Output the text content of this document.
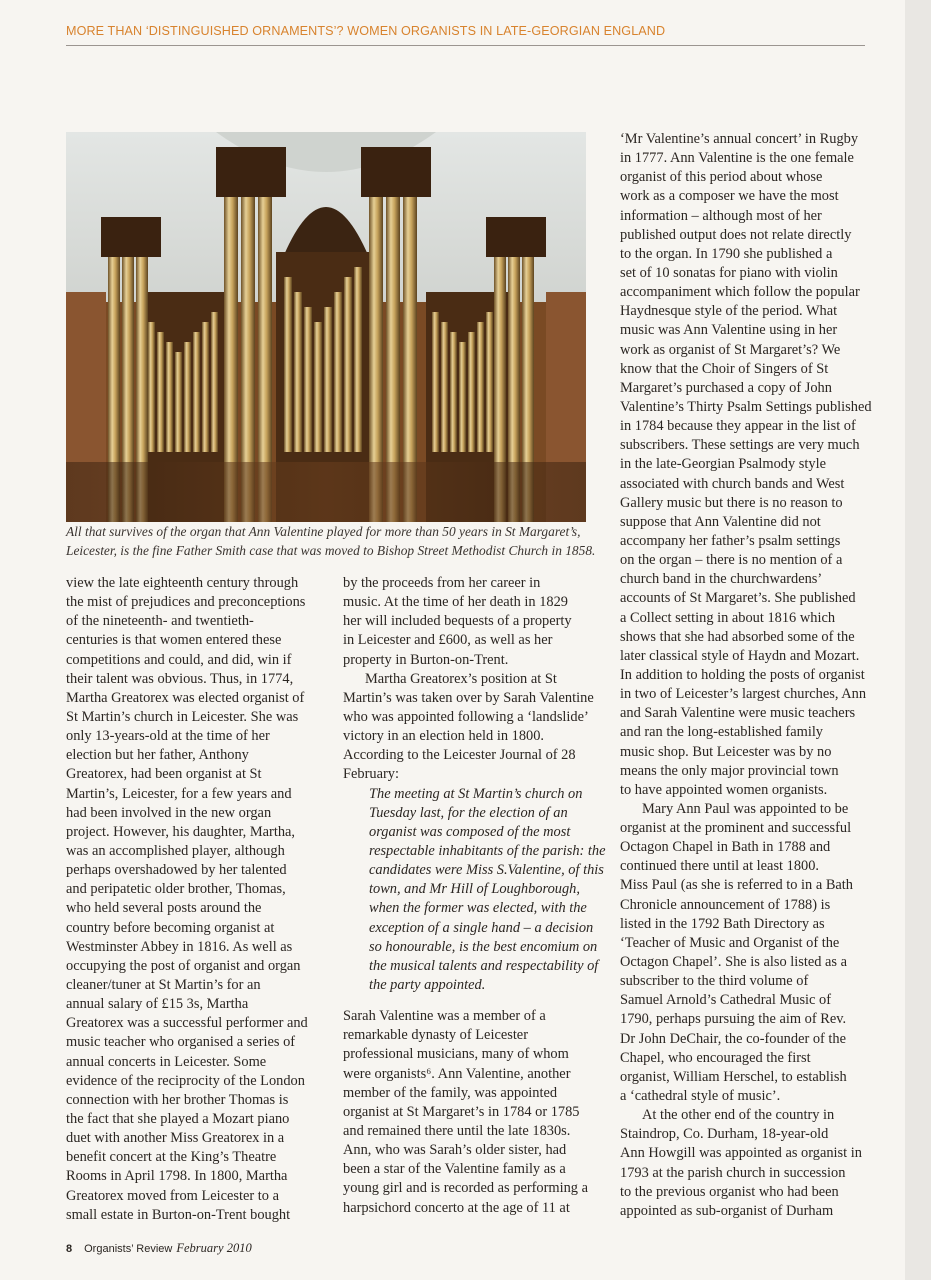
MORE THAN ‘DISTINGUISHED ORNAMENTS’? WOMEN ORGANISTS IN LATE-GEORGIAN ENGLAND
All that survives of the organ that Ann Valentine played for more than 50 years in St Margaret’s,
Leicester, is the fine Father Smith case that was moved to Bishop Street Methodist Church in 1858.
view the late eighteenth century through
the mist of prejudices and preconceptions
of the nineteenth- and twentieth-
centuries is that women entered these
competitions and could, and did, win if
their talent was obvious. Thus, in 1774,
Martha Greatorex was elected organist of
St Martin’s church in Leicester. She was
only 13-years-old at the time of her
election but her father, Anthony
Greatorex, had been organist at St
Martin’s, Leicester, for a few years and
had been involved in the new organ
project. However, his daughter, Martha,
was an accomplished player, although
perhaps overshadowed by her talented
and peripatetic older brother, Thomas,
who held several posts around the
country before becoming organist at
Westminster Abbey in 1816. As well as
occupying the post of organist and organ
cleaner/tuner at St Martin’s for an
annual salary of £15 3s, Martha
Greatorex was a successful performer and
music teacher who organised a series of
annual concerts in Leicester. Some
evidence of the reciprocity of the London
connection with her brother Thomas is
the fact that she played a Mozart piano
duet with another Miss Greatorex in a
benefit concert at the King’s Theatre
Rooms in April 1798. In 1800, Martha
Greatorex moved from Leicester to a
small estate in Burton-on-Trent bought
by the proceeds from her career in
music. At the time of her death in 1829
her will included bequests of a property
in Leicester and £600, as well as her
property in Burton-on-Trent.
Martha Greatorex’s position at St
Martin’s was taken over by Sarah Valentine
who was appointed following a ‘landslide’
victory in an election held in 1800.
According to the Leicester Journal of 28
February:
The meeting at St Martin’s church on
Tuesday last, for the election of an
organist was composed of the most
respectable inhabitants of the parish: the
candidates were Miss S.Valentine, of this
town, and Mr Hill of Loughborough,
when the former was elected, with the
exception of a single hand – a decision
so honourable, is the best encomium on
the musical talents and respectability of
the party appointed.
Sarah Valentine was a member of a
remarkable dynasty of Leicester
professional musicians, many of whom
were organists⁶. Ann Valentine, another
member of the family, was appointed
organist at St Margaret’s in 1784 or 1785
and remained there until the late 1830s.
Ann, who was Sarah’s older sister, had
been a star of the Valentine family as a
young girl and is recorded as performing a
harpsichord concerto at the age of 11 at
‘Mr Valentine’s annual concert’ in Rugby
in 1777. Ann Valentine is the one female
organist of this period about whose
work as a composer we have the most
information – although most of her
published output does not relate directly
to the organ. In 1790 she published a
set of 10 sonatas for piano with violin
accompaniment which follow the popular
Haydnesque style of the period. What
music was Ann Valentine using in her
work as organist of St Margaret’s? We
know that the Choir of Singers of St
Margaret’s purchased a copy of John
Valentine’s Thirty Psalm Settings published
in 1784 because they appear in the list of
subscribers. These settings are very much
in the late-Georgian Psalmody style
associated with church bands and West
Gallery music but there is no reason to
suppose that Ann Valentine did not
accompany her father’s psalm settings
on the organ – there is no mention of a
church band in the churchwardens’
accounts of St Margaret’s. She published
a Collect setting in about 1816 which
shows that she had absorbed some of the
later classical style of Haydn and Mozart.
In addition to holding the posts of organist
in two of Leicester’s largest churches, Ann
and Sarah Valentine were music teachers
and ran the long-established family
music shop. But Leicester was by no
means the only major provincial town
to have appointed women organists.
Mary Ann Paul was appointed to be
organist at the prominent and successful
Octagon Chapel in Bath in 1788 and
continued there until at least 1800.
Miss Paul (as she is referred to in a Bath
Chronicle announcement of 1788) is
listed in the 1792 Bath Directory as
‘Teacher of Music and Organist of the
Octagon Chapel’. She is also listed as a
subscriber to the third volume of
Samuel Arnold’s Cathedral Music of
1790, perhaps pursuing the aim of Rev.
Dr John DeChair, the co-founder of the
Chapel, who encouraged the first
organist, William Herschel, to establish
a ‘cathedral style of music’.
At the other end of the country in
Staindrop, Co. Durham, 18-year-old
Ann Howgill was appointed as organist in
1793 at the parish church in succession
to the previous organist who had been
appointed as sub-organist of Durham
8 Organists’ Review February 2010
